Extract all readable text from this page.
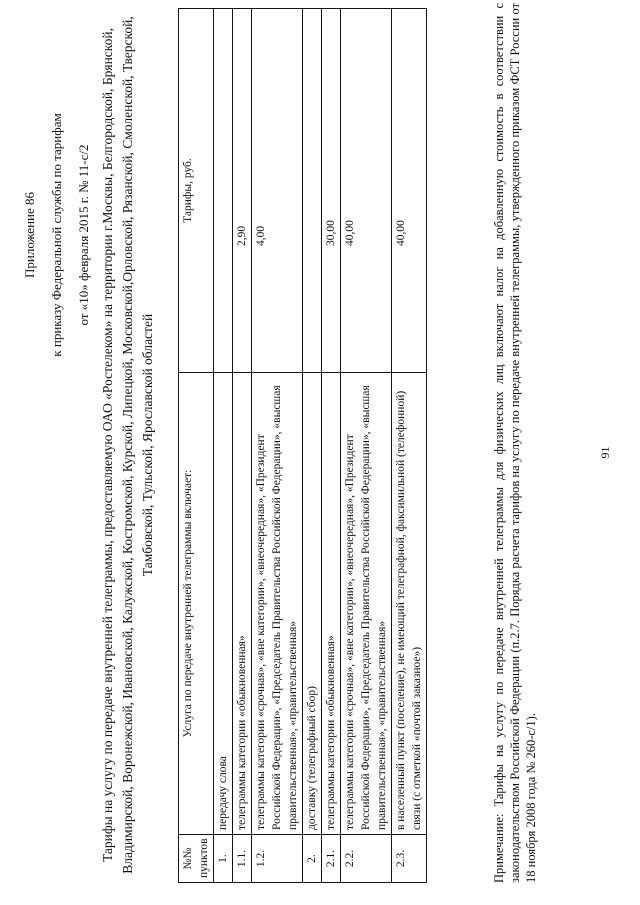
Приложение 86 к приказу Федеральной службы по тарифам от «10» февраля 2015 г. № 11-с/2 Тарифы на услугу по передаче внутренней телеграммы, предоставляемую ОАО «Ростелеком» на территории г.Москвы, Белгородской, Брянской, Владимирской, Воронежской, Ивановской, Калужской, Костромской, Курской, Липецкой, Московской,Орловской, Рязанской, Смоленской, Тверской, Тамбовской, Тульской, Ярославской областей
№№ пунктов	Услуга по передаче внутренней телеграммы включает:	Тарифы, руб.
1.	передачу слова	
1.1.	телеграммы категории «обыкновенная»	2,90
1.2.	телеграммы категории «срочная», «вне категории», «внеочередная», «Президент Российской Федерации», «Председатель Правительства Российской Федерации», «высшая правительственная», «правительственная»	4,00
2.	доставку (телеграфный сбор)	
2.1.	телеграммы категории «обыкновенная»	30,00
2.2.	телеграммы категории «срочная», «вне категории», «внеочередная», «Президент Российской Федерации», «Председатель Правительства Российской Федерации», «высшая правительственная», «правительственная»	40,00
2.3.	в населенный пункт (поселение), не имеющий телеграфной, факсимильной (телефонной) связи (с отметкой «почтой заказное»)	40,00	Примечание: Тарифы на услугу по передаче внутренней телеграммы для физических лиц включают налог на добавленную стоимость в соответствии с законодательством Российской Федерации (п.2.7. Порядка расчета тарифов на услугу по передаче внутренней телеграммы, утвержденного приказом ФСТ России от 18 ноября 2008 года № 260-с/1).
91
